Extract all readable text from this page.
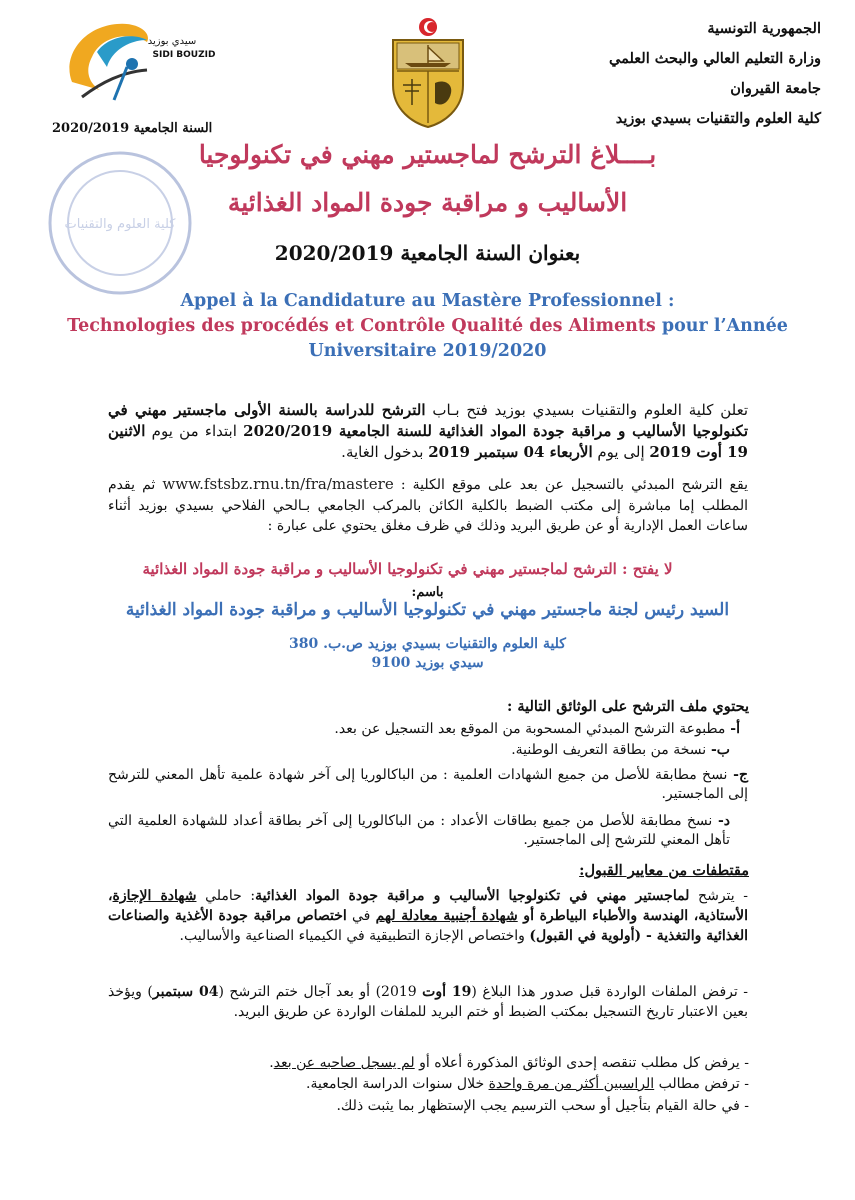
سيدي بوزيد
SIDI BOUZID
الجمهورية التونسية
وزارة التعليم العالي والبحث العلمي
جامعة القيروان
كلية العلوم والتقنيات بسيدي بوزيد
السنة الجامعية 2020/2019
كلية العلوم والتقنيات
بــــلاغ الترشح لماجستير مهني في تكنولوجيا
الأساليب و مراقبة جودة المواد الغذائية
بعنوان السنة الجامعية 2020/2019
Appel à la Candidature au Mastère Professionnel :
Technologies des procédés et Contrôle Qualité des Aliments pour l’Année
Universitaire 2019/2020
تعلن كلية العلوم والتقنيات بسيدي بوزيد فتح بـاب الترشح للدراسة بالسنة الأولى ماجستير مهني في تكنولوجيا الأساليب و مراقبة جودة المواد الغذائية للسنة الجامعية 2020/2019 ابتداء من يوم الاثنين 19 أوت 2019 إلى يوم الأربعاء 04 سبتمبر 2019 بدخول الغاية.
يقع الترشح المبدئي بالتسجيل عن بعد على موقع الكلية : www.fstsbz.rnu.tn/fra/mastere ثم يقدم المطلب إما مباشرة إلى مكتب الضبط بالكلية الكائن بالمركب الجامعي بـالحي الفلاحي بسيدي بوزيد أثناء ساعات العمل الإدارية أو عن طريق البريد وذلك في ظرف مغلق يحتوي على عبارة :
لا يفتح : الترشح لماجستير مهني في تكنولوجيا الأساليب و مراقبة جودة المواد الغذائية
باسم:
السيد رئيس لجنة ماجستير مهني في تكنولوجيا الأساليب و مراقبة جودة المواد الغذائية
كلية العلوم والتقنيات بسيدي بوزيد ص.ب. 380
سيدي بوزيد 9100
يحتوي ملف الترشح على الوثائق التالية :
أ- مطبوعة الترشح المبدئي المسحوبة من الموقع بعد التسجيل عن بعد.
ب- نسخة من بطاقة التعريف الوطنية.
ج- نسخ مطابقة للأصل من جميع الشهادات العلمية : من الباكالوريا إلى آخر شهادة علمية تأهل المعني للترشح إلى الماجستير.
د- نسخ مطابقة للأصل من جميع بطاقات الأعداد : من الباكالوريا إلى آخر بطاقة أعداد للشهادة العلمية التي تأهل المعني للترشح إلى الماجستير.
مقتطفات من معايير القبول:
- يترشح لماجستير مهني في تكنولوجيا الأساليب و مراقبة جودة المواد الغذائية: حاملي شهادة الإجازة، الأستاذية، الهندسة والأطباء البياطرة أو شهادة أجنبية معادلة لهم في اختصاص مراقبة جودة الأغذية والصناعات الغذائية والتغذية - (أولوية في القبول) واختصاص الإجازة التطبيقية في الكيمياء الصناعية والأساليب.
- ترفض الملفات الواردة قبل صدور هذا البلاغ (19 أوت 2019) أو بعد آجال ختم الترشح (04 سبتمبر) ويؤخذ بعين الاعتبار تاريخ التسجيل بمكتب الضبط أو ختم البريد للملفات الواردة عن طريق البريد.
- يرفض كل مطلب تنقصه إحدى الوثائق المذكورة أعلاه أو لم يسجل صاحبه عن بعد.
- ترفض مطالب الراسبين أكثر من مرة واحدة خلال سنوات الدراسة الجامعية.
- في حالة القيام بتأجيل أو سحب الترسيم يجب الإستظهار بما يثبت ذلك.
